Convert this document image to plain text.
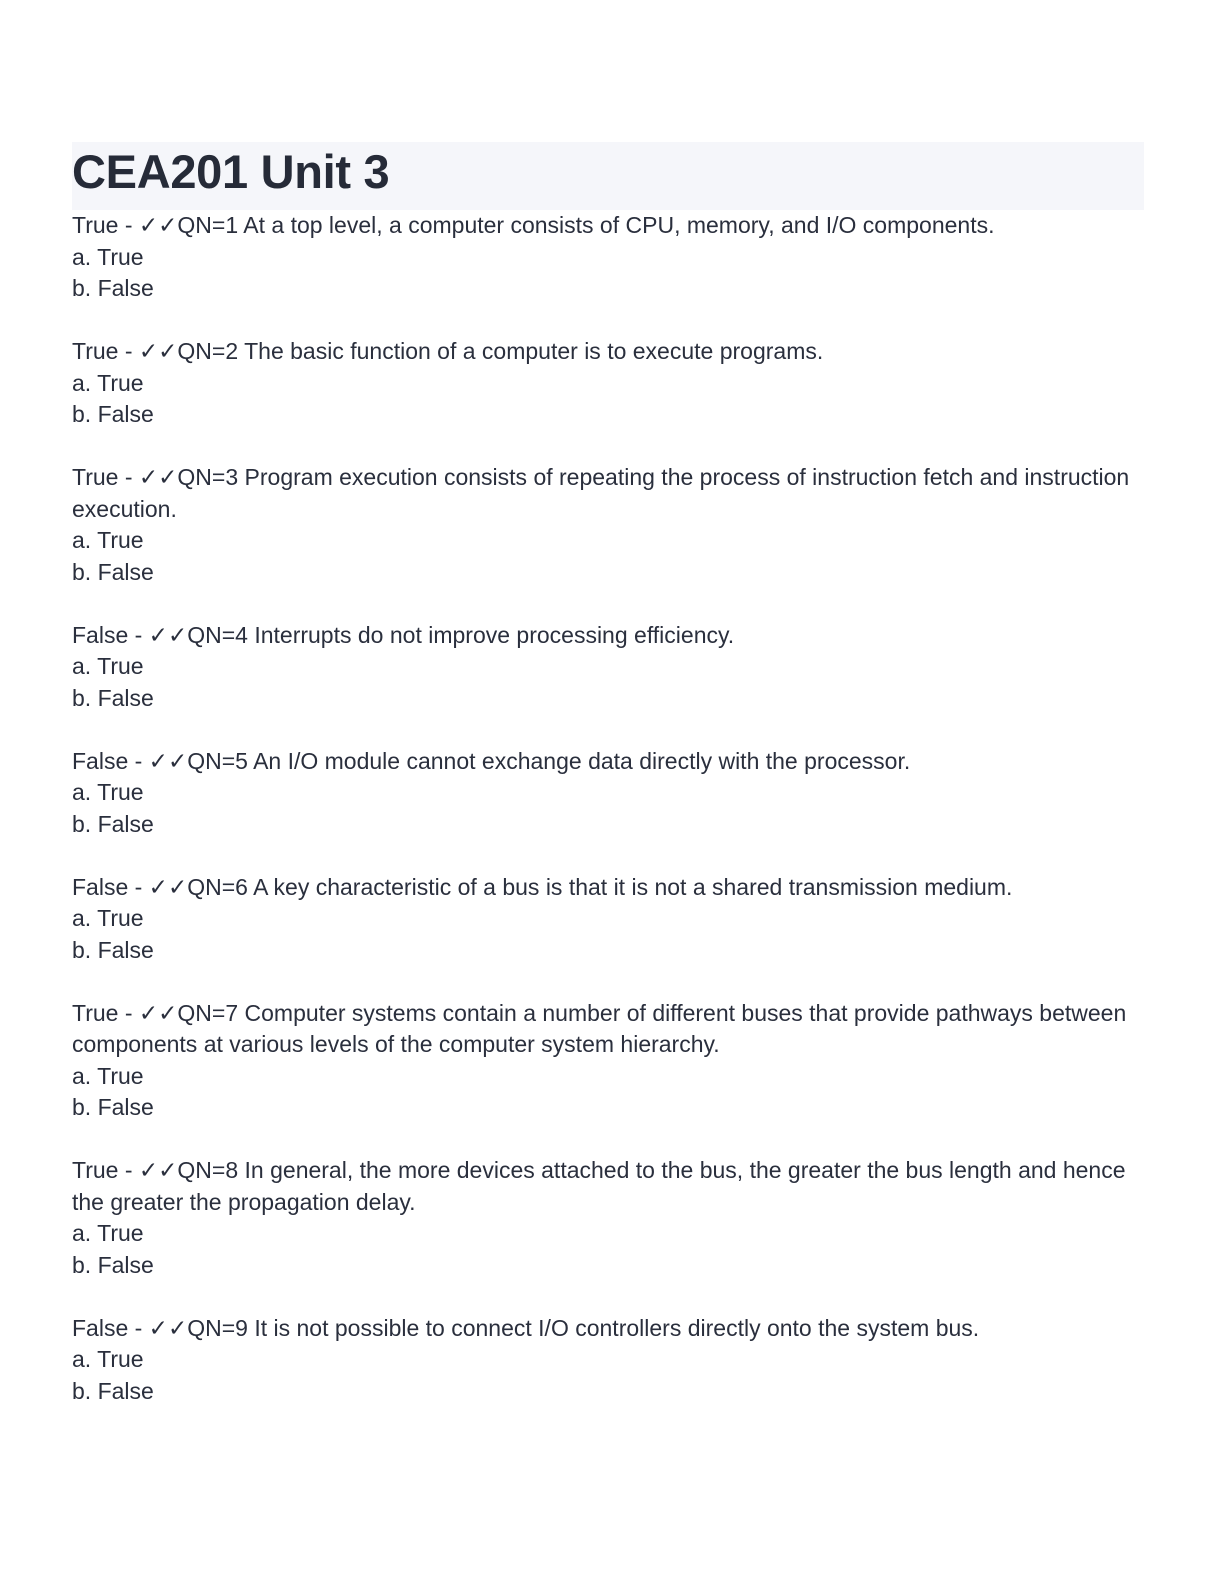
CEA201 Unit 3
True - ✓✓QN=1 At a top level, a computer consists of CPU, memory, and I/O components.
a. True
b. False
True - ✓✓QN=2 The basic function of a computer is to execute programs.
a. True
b. False
True - ✓✓QN=3 Program execution consists of repeating the process of instruction fetch and instruction execution.
a. True
b. False
False - ✓✓QN=4 Interrupts do not improve processing efficiency.
a. True
b. False
False - ✓✓QN=5 An I/O module cannot exchange data directly with the processor.
a. True
b. False
False - ✓✓QN=6 A key characteristic of a bus is that it is not a shared transmission medium.
a. True
b. False
True - ✓✓QN=7 Computer systems contain a number of different buses that provide pathways between components at various levels of the computer system hierarchy.
a. True
b. False
True - ✓✓QN=8 In general, the more devices attached to the bus, the greater the bus length and hence the greater the propagation delay.
a. True
b. False
False - ✓✓QN=9 It is not possible to connect I/O controllers directly onto the system bus.
a. True
b. False
